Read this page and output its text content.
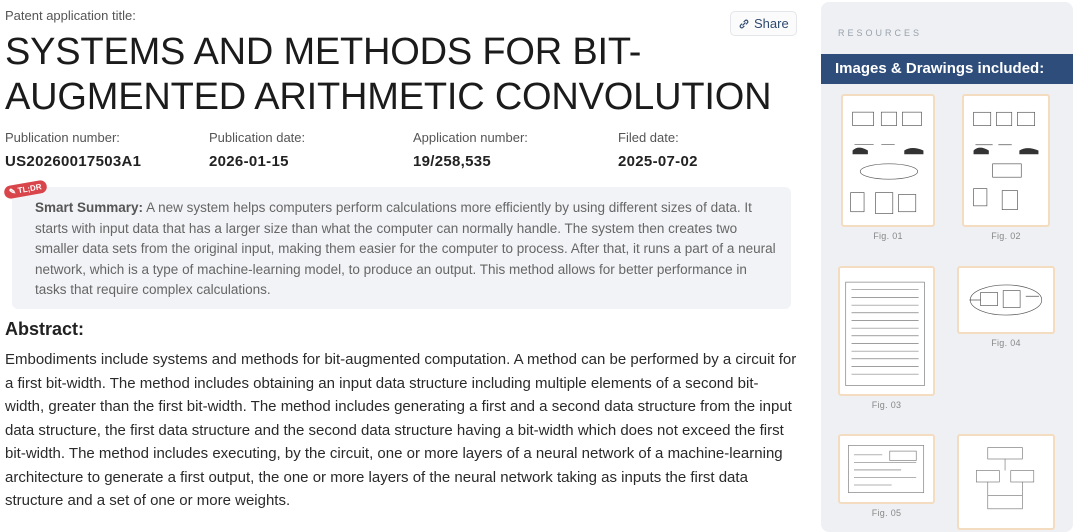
Patent application title:
Share
SYSTEMS AND METHODS FOR BIT-AUGMENTED ARITHMETIC CONVOLUTION
Publication number:
US20260017503A1
Publication date:
2026-01-15
Application number:
19/258,535
Filed date:
2025-07-02
Smart Summary: A new system helps computers perform calculations more efficiently by using different sizes of data. It starts with input data that has a larger size than what the computer can normally handle. The system then creates two smaller data sets from the original input, making them easier for the computer to process. After that, it runs a part of a neural network, which is a type of machine-learning model, to produce an output. This method allows for better performance in tasks that require complex calculations.
✎ TL;DR
Abstract:

Embodiments include systems and methods for bit-augmented computation. A method can be performed by a circuit for a first bit-width. The method includes obtaining an input data structure including multiple elements of a second bit-width, greater than the first bit-width. The method includes generating a first and a second data structure from the input data structure, the first data structure and the second data structure having a bit-width which does not exceed the first bit-width. The method includes executing, by the circuit, one or more layers of a neural network of a machine-learning architecture to generate a first output, the one or more layers of the neural network taking as inputs the first data structure and a set of one or more weights.

RESOURCES
Images & Drawings included:
Fig. 01	Fig. 02
Fig. 03
Fig. 04
Fig. 05
